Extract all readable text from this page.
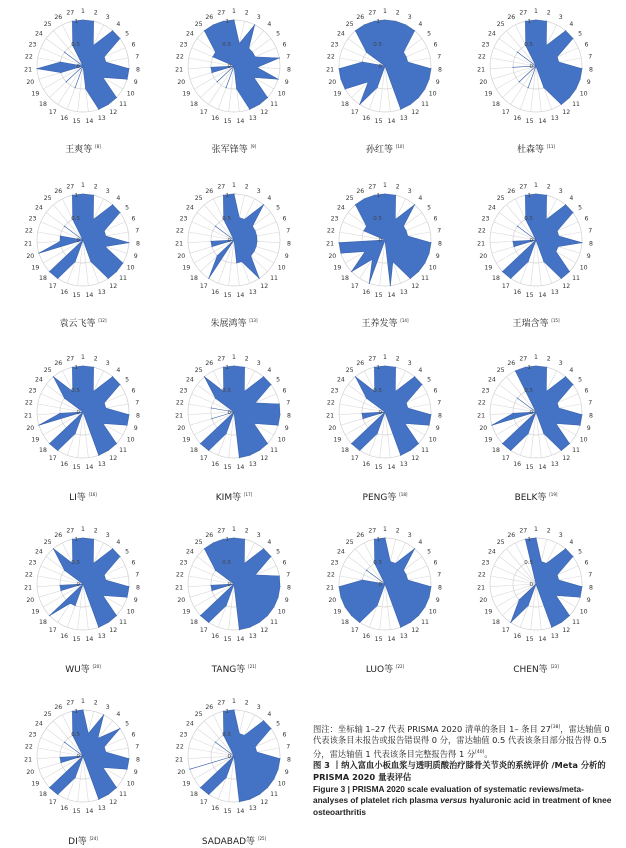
0
0.5
1
1 2
3
4
5
6
7
8
9
10
11
12
13
14
15
16
17
18
19
20
21
22
23
24
25
26
27
王爽等 [8]
0
0.5
1
1 2
3
4
5
6
7
8
9
10
11
12
13
14
15
16
17
18
19
20
21
22
23
24
25
26
27
张军锋等 [9]
0
0.5
1
1 2
3
4
5
6
7
8
9
10
11
12
13
14
15
16
17
18
19
20
21
22
23
24
25
26
27
孙红等 [10]
0
0.5
1
1 2
3
4
5
6
7
8
9
10
11
12
13
14
15
16
17
18
19
20
21
22
23
24
25
26
27
杜森等 [11]
0
0.5
1
1 2
3
4
5
6
7
8
9
10
11
12
13
14
15
16
17
18
19
20
21
22
23
24
25
26
27
袁云飞等 [12]
0
0.5
1
1 2
3
4
5
6
7
8
9
10
11
12
13
14
15
16
17
18
19
20
21
22
23
24
25
26
27
朱展鸿等 [13]
0
0.5
1
1 2
3
4
5
6
7
8
9
10
11
12
13
14
15
16
17
18
19
20
21
22
23
24
25
26
27
王养发等 [14]
0
0.5
1
1 2
3
4
5
6
7
8
9
10
11
12
13
14
15
16
17
18
19
20
21
22
23
24
25
26
27
王瑞含等 [15]
0
0.5
1
1 2
3
4
5
6
7
8
9
10
11
12
13
14
15
16
17
18
19
20
21
22
23
24
25
26
27
LI等 [16]
0
0.5
1
1 2
3
4
5
6
7
8
9
10
11
12
13
14
15
16
17
18
19
20
21
22
23
24
25
26
27
KIM等 [17]
0
0.5
1
1 2
3
4
5
6
7
8
9
10
11
12
13
14
15
16
17
18
19
20
21
22
23
24
25
26
27
PENG等 [18]
0
0.5
1
1 2
3
4
5
6
7
8
9
10
11
12
13
14
15
16
17
18
19
20
21
22
23
24
25
26
27
BELK等 [19]
0
0.5
1
1 2
3
4
5
6
7
8
9
10
11
12
13
14
15
16
17
18
19
20
21
22
23
24
25
26
27
WU等 [20]
0
0.5
1
1 2
3
4
5
6
7
8
9
10
11
12
13
14
15
16
17
18
19
20
21
22
23
24
25
26
27
TANG等 [21]
0
0.5
1
1 2
3
4
5
6
7
8
9
10
11
12
13
14
15
16
17
18
19
20
21
22
23
24
25
26
27
LUO等 [22]
0
0.5
1
1 2
3
4
5
6
7
8
9
10
11
12
13
14
15
16
17
18
19
20
21
22
23
24
25
26
27
CHEN等 [23]
0
0.5
1
1 2
3
4
5
6
7
8
9
10
11
12
13
14
15
16
17
18
19
20
21
22
23
24
25
26
27
DI等 [24]
0
0.5
1
1 2
3
4
5
6
7
8
9
10
11
12
13
14
15
16
17
18
19
20
21
22
23
24
25
26
27
SADABAD等 [25]
图注：坐标轴 1–27 代表 PRISMA 2020 清单的条目 1– 条目 27[38]，雷达轴值 0 代表该条目未报告或报告错误得 0 分，雷达轴值 0.5 代表该条目部分报告得 0.5 分，雷达轴值 1 代表该条目完整报告得 1 分[40]。
图 3 丨纳入富血小板血浆与透明质酸治疗膝骨关节炎的系统评价 /Meta 分析的 PRISMA 2020 量表评估
Figure 3 | PRISMA 2020 scale evaluation of systematic reviews/meta-analyses of platelet rich plasma versus hyaluronic acid in treatment of knee osteoarthritis
